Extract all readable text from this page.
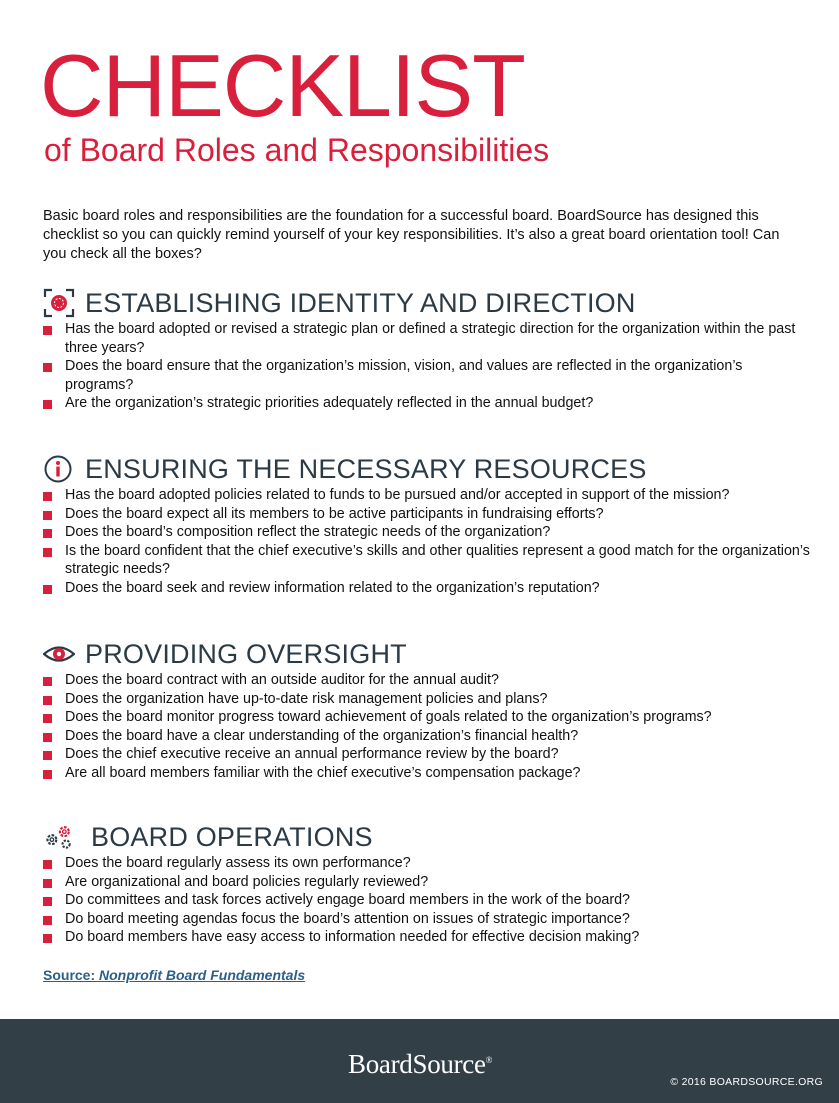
CHECKLIST
of Board Roles and Responsibilities

Basic board roles and responsibilities are the foundation for a successful board. BoardSource has designed this checklist so you can quickly remind yourself of your key responsibilities. It’s also a great board orientation tool! Can you check all the boxes?

ESTABLISHING IDENTITY AND DIRECTION
Has the board adopted or revised a strategic plan or defined a strategic direction for the organization within the past three years?
Does the board ensure that the organization’s mission, vision, and values are reflected in the organization’s programs?
Are the organization’s strategic priorities adequately reflected in the annual budget?
ENSURING THE NECESSARY RESOURCES
Has the board adopted policies related to funds to be pursued and/or accepted in support of the mission?
Does the board expect all its members to be active participants in fundraising efforts?
Does the board’s composition reflect the strategic needs of the organization?
Is the board confident that the chief executive’s skills and other qualities represent a good match for the organization’s strategic needs?
Does the board seek and review information related to the organization’s reputation?
PROVIDING OVERSIGHT
Does the board contract with an outside auditor for the annual audit?
Does the organization have up-to-date risk management policies and plans?
Does the board monitor progress toward achievement of goals related to the organization’s programs?
Does the board have a clear understanding of the organization’s financial health?
Does the chief executive receive an annual performance review by the board?
Are all board members familiar with the chief executive’s compensation package?
BOARD OPERATIONS
Does the board regularly assess its own performance?
Are organizational and board policies regularly reviewed?
Do committees and task forces actively engage board members in the work of the board?
Do board meeting agendas focus the board’s attention on issues of strategic importance?
Do board members have easy access to information needed for effective decision making?
Source: Nonprofit Board Fundamentals
BoardSource®
© 2016 BOARDSOURCE.ORG
